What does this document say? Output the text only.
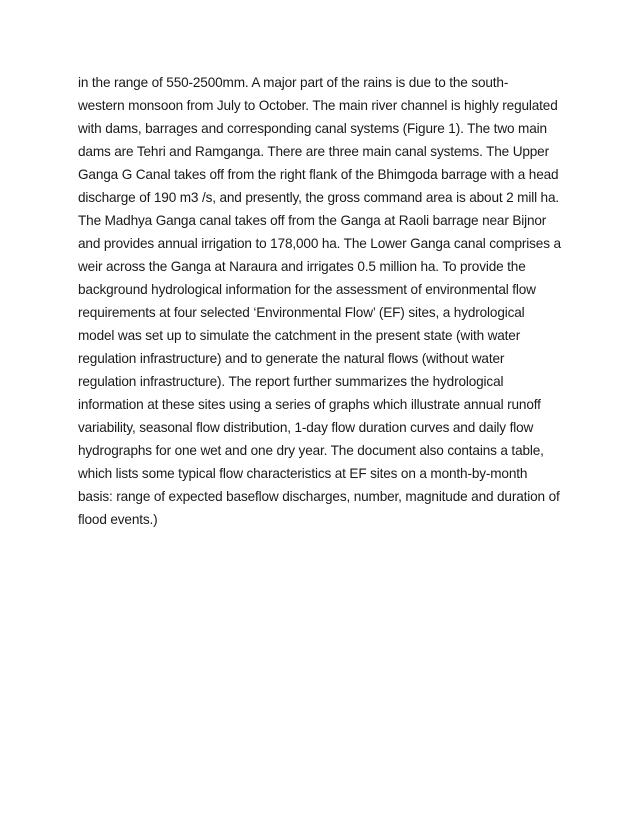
in the range of 550-2500mm. A major part of the rains is due to the south-
western monsoon from July to October. The main river channel is highly regulated
with dams, barrages and corresponding canal systems (Figure 1). The two main
dams are Tehri and Ramganga. There are three main canal systems. The Upper
Ganga G Canal takes off from the right flank of the Bhimgoda barrage with a head
discharge of 190 m3 /s, and presently, the gross command area is about 2 mill ha.
The Madhya Ganga canal takes off from the Ganga at Raoli barrage near Bijnor
and provides annual irrigation to 178,000 ha. The Lower Ganga canal comprises a
weir across the Ganga at Naraura and irrigates 0.5 million ha. To provide the
background hydrological information for the assessment of environmental flow
requirements at four selected ‘Environmental Flow’ (EF) sites, a hydrological
model was set up to simulate the catchment in the present state (with water
regulation infrastructure) and to generate the natural flows (without water
regulation infrastructure). The report further summarizes the hydrological
information at these sites using a series of graphs which illustrate annual runoff
variability, seasonal flow distribution, 1-day flow duration curves and daily flow
hydrographs for one wet and one dry year. The document also contains a table,
which lists some typical flow characteristics at EF sites on a month-by-month
basis: range of expected baseflow discharges, number, magnitude and duration of
flood events.)
